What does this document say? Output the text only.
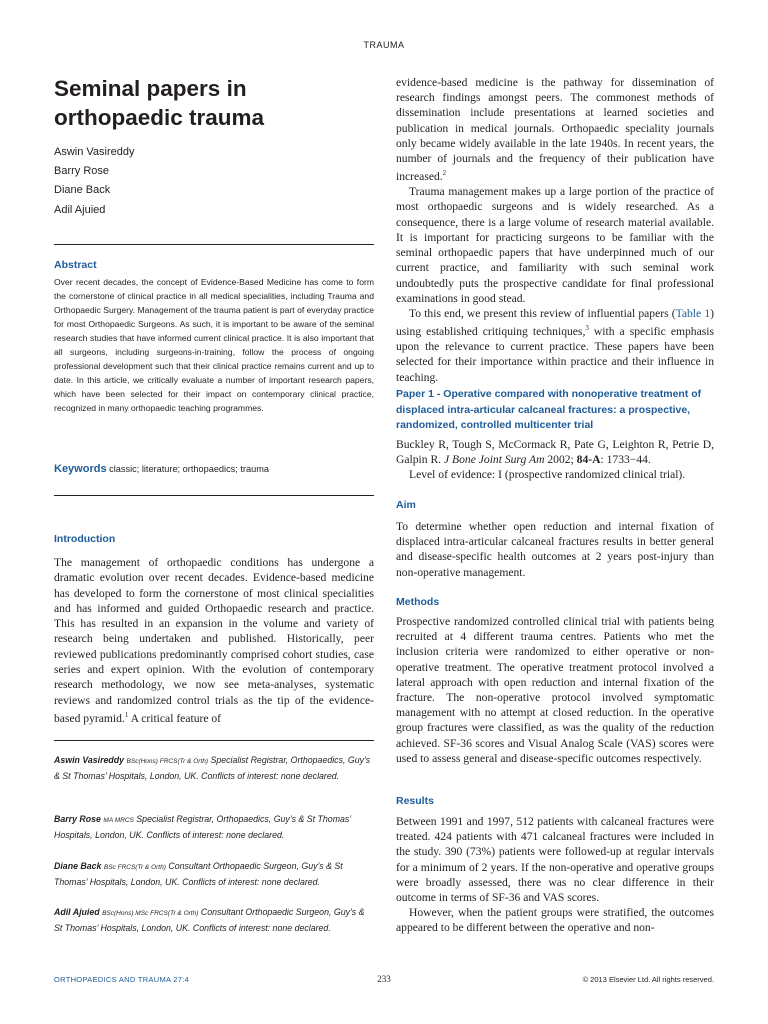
TRAUMA
Seminal papers in orthopaedic trauma
Aswin Vasireddy
Barry Rose
Diane Back
Adil Ajuied
Abstract

Over recent decades, the concept of Evidence-Based Medicine has come to form the cornerstone of clinical practice in all medical specialities, including Trauma and Orthopaedic Surgery. Management of the trauma patient is part of everyday practice for most Orthopaedic Surgeons. As such, it is important to be aware of the seminal research studies that have informed current clinical practice. It is also important that all surgeons, including surgeons-in-training, follow the process of ongoing professional development such that their clinical practice remains current and up to date. In this article, we critically evaluate a number of important research papers, which have been selected for their impact on contemporary clinical practice, recognized in many orthopaedic teaching programmes.

Keywords classic; literature; orthopaedics; trauma
Introduction

The management of orthopaedic conditions has undergone a dramatic evolution over recent decades. Evidence-based medicine has developed to form the cornerstone of most clinical specialities and has informed and guided Orthopaedic research and practice. This has resulted in an expansion in the volume and variety of research being undertaken and published. Historically, peer reviewed publications predominantly comprised cohort studies, case series and expert opinion. With the evolution of contemporary research methodology, we now see meta-analyses, systematic reviews and randomized control trials as the tip of the evidence-based pyramid.$^1$ A critical feature of

Aswin Vasireddy BSc(Hons) FRCS(Tr & Orth) Specialist Registrar, Orthopaedics, Guy’s & St Thomas’ Hospitals, London, UK. Conflicts of interest: none declared.
Barry Rose MA MRCS Specialist Registrar, Orthopaedics, Guy’s & St Thomas’ Hospitals, London, UK. Conflicts of interest: none declared.
Diane Back BSc FRCS(Tr & Orth) Consultant Orthopaedic Surgeon, Guy’s & St Thomas’ Hospitals, London, UK. Conflicts of interest: none declared.
Adil Ajuied BSc(Hons) MSc FRCS(Tr & Orth) Consultant Orthopaedic Surgeon, Guy’s & St Thomas’ Hospitals, London, UK. Conflicts of interest: none declared.

evidence-based medicine is the pathway for dissemination of research findings amongst peers. The commonest methods of dissemination include presentations at learned societies and publication in medical journals. Orthopaedic speciality journals only became widely available in the late 1940s. In recent years, the number of journals and the frequency of their publication have increased.$^2$

Trauma management makes up a large portion of the practice of most orthopaedic surgeons and is widely researched. As a consequence, there is a large volume of research material available. It is important for practicing surgeons to be familiar with the seminal orthopaedic papers that have underpinned much of our current practice, and familiarity with such seminal work undoubtedly puts the prospective candidate for final professional examinations in good stead.

To this end, we present this review of influential papers (Table 1) using established critiquing techniques,$^3$ with a specific emphasis upon the relevance to current practice. These papers have been selected for their importance within practice and their influence in teaching.

Paper 1 - Operative compared with nonoperative treatment of displaced intra-articular calcaneal fractures: a prospective, randomized, controlled multicenter trial

Buckley R, Tough S, McCormack R, Pate G, Leighton R, Petrie D, Galpin R. J Bone Joint Surg Am 2002; 84-A: 1733−44.

Level of evidence: I (prospective randomized clinical trial).

Aim

To determine whether open reduction and internal fixation of displaced intra-articular calcaneal fractures results in better general and disease-specific health outcomes at 2 years post-injury than non-operative management.

Methods

Prospective randomized controlled clinical trial with patients being recruited at 4 different trauma centres. Patients who met the inclusion criteria were randomized to either operative or non-operative treatment. The operative treatment protocol involved a lateral approach with open reduction and internal fixation of the fracture. The non-operative protocol involved symptomatic management with no attempt at closed reduction. In the operative group fractures were classified, as was the quality of the reduction achieved. SF-36 scores and Visual Analog Scale (VAS) scores were used to assess general and disease-specific outcomes respectively.

Results

Between 1991 and 1997, 512 patients with calcaneal fractures were treated. 424 patients with 471 calcaneal fractures were included in the study. 390 (73%) patients were followed-up at regular intervals for a minimum of 2 years. If the non-operative and operative groups were broadly assessed, there was no clear difference in their outcome in terms of SF-36 and VAS scores.

However, when the patient groups were stratified, the outcomes appeared to be different between the operative and non-

ORTHOPAEDICS AND TRAUMA 27:4	233	© 2013 Elsevier Ltd. All rights reserved.
